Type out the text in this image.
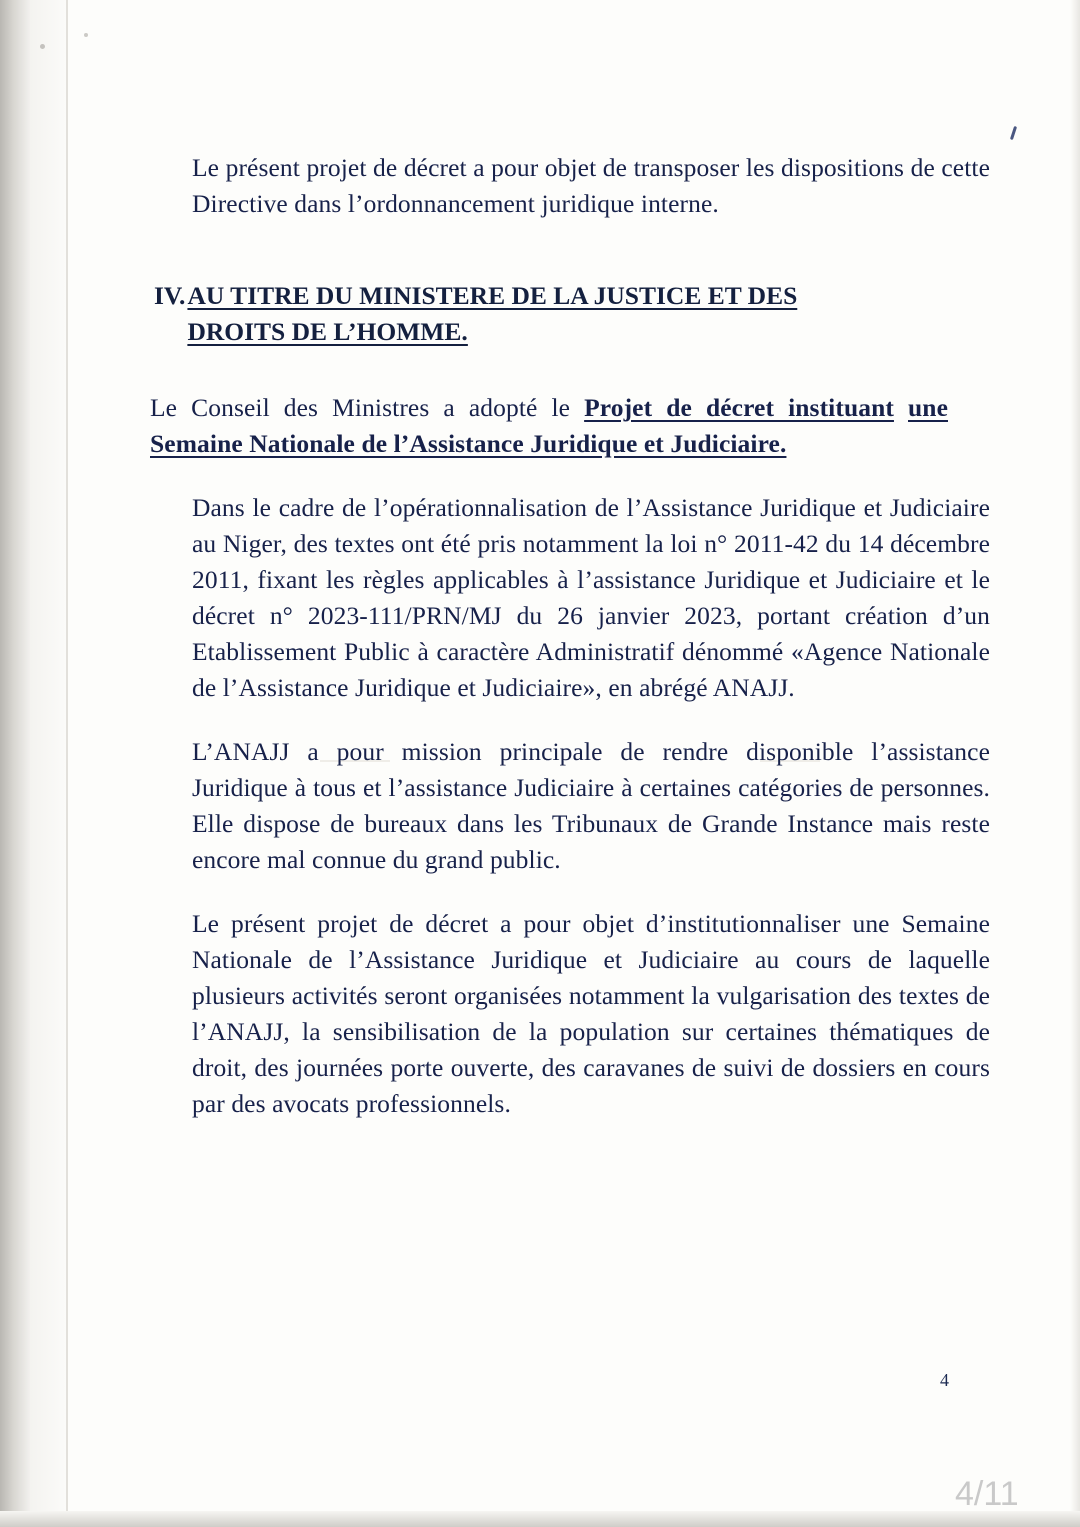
Le présent projet de décret a pour objet de transposer les dispositions de cette Directive dans l’ordonnancement juridique interne.

IV. AU TITRE DU MINISTERE DE LA JUSTICE ET DES
DROITS DE L’HOMME.

Le Conseil des Ministres a adopté le Projet de décret instituant une Semaine Nationale de l’Assistance Juridique et Judiciaire.

Dans le cadre de l’opérationnalisation de l’Assistance Juridique et Judiciaire au Niger, des textes ont été pris notamment la loi n° 2011-42 du 14 décembre 2011, fixant les règles applicables à l’assistance Juridique et Judiciaire et le décret n° 2023-111/PRN/MJ du 26 janvier 2023, portant création d’un Etablissement Public à caractère Administratif dénommé «Agence Nationale de l’Assistance Juridique et Judiciaire», en abrégé ANAJJ.

L’ANAJJ a pour mission principale de rendre disponible l’assistance Juridique à tous et l’assistance Judiciaire à certaines catégories de personnes. Elle dispose de bureaux dans les Tribunaux de Grande Instance mais reste encore mal connue du grand public.

Le présent projet de décret a pour objet d’institutionnaliser une Semaine Nationale de l’Assistance Juridique et Judiciaire au cours de laquelle plusieurs activités seront organisées notamment la vulgarisation des textes de l’ANAJJ, la sensibilisation de la population sur certaines thématiques de droit, des journées porte ouverte, des caravanes de suivi de dossiers en cours par des avocats professionnels.

4
4/11
